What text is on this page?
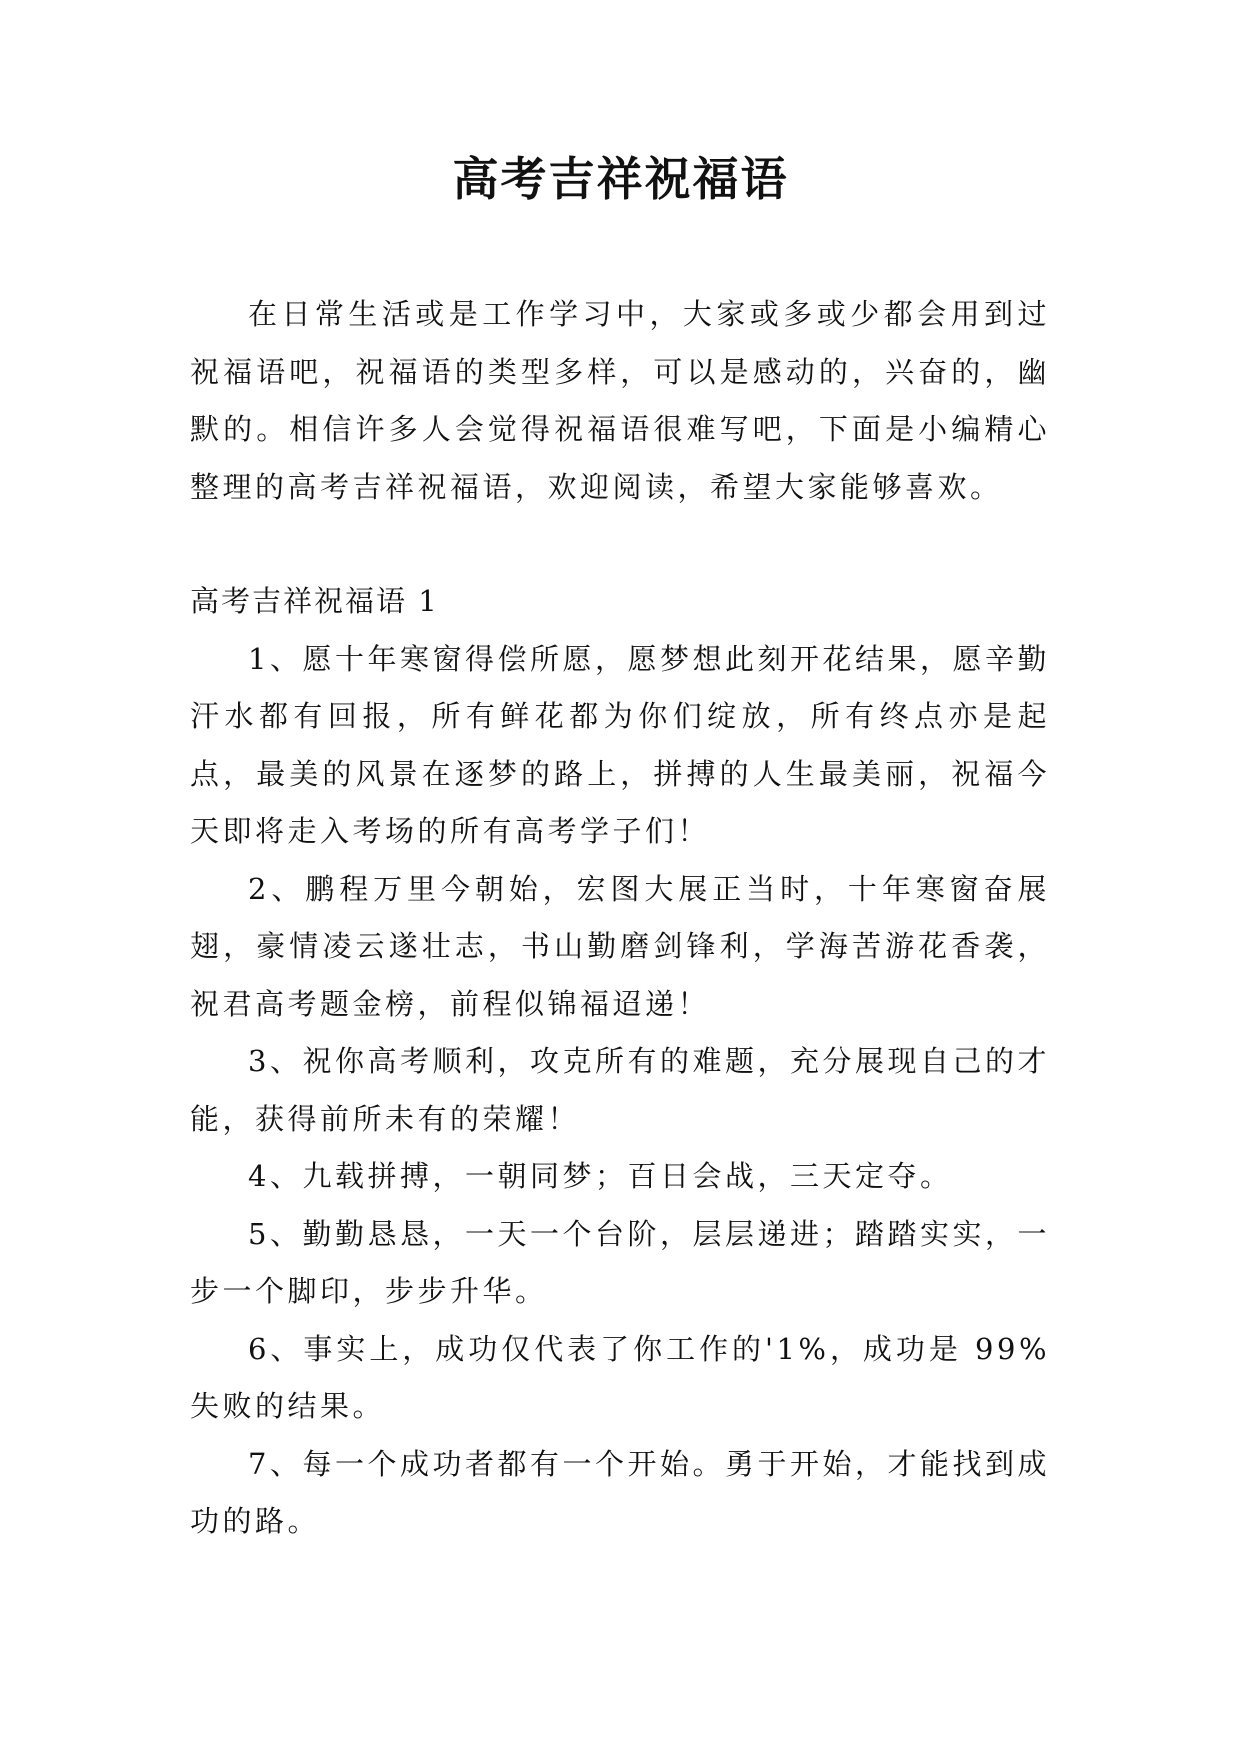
高考吉祥祝福语

在日常生活或是工作学习中，大家或多或少都会用到过祝福语吧，祝福语的类型多样，可以是感动的，兴奋的，幽默的。相信许多人会觉得祝福语很难写吧，下面是小编精心整理的高考吉祥祝福语，欢迎阅读，希望大家能够喜欢。

高考吉祥祝福语 1

1、愿十年寒窗得偿所愿，愿梦想此刻开花结果，愿辛勤汗水都有回报，所有鲜花都为你们绽放，所有终点亦是起点，最美的风景在逐梦的路上，拼搏的人生最美丽，祝福今天即将走入考场的所有高考学子们！

2、鹏程万里今朝始，宏图大展正当时，十年寒窗奋展翅，豪情凌云遂壮志，书山勤磨剑锋利，学海苦游花香袭，祝君高考题金榜，前程似锦福迢递！

3、祝你高考顺利，攻克所有的难题，充分展现自己的才能，获得前所未有的荣耀！

4、九载拼搏，一朝同梦；百日会战，三天定夺。

5、勤勤恳恳，一天一个台阶，层层递进；踏踏实实，一步一个脚印，步步升华。

6、事实上，成功仅代表了你工作的'1%，成功是 99%失败的结果。

7、每一个成功者都有一个开始。勇于开始，才能找到成功的路。
